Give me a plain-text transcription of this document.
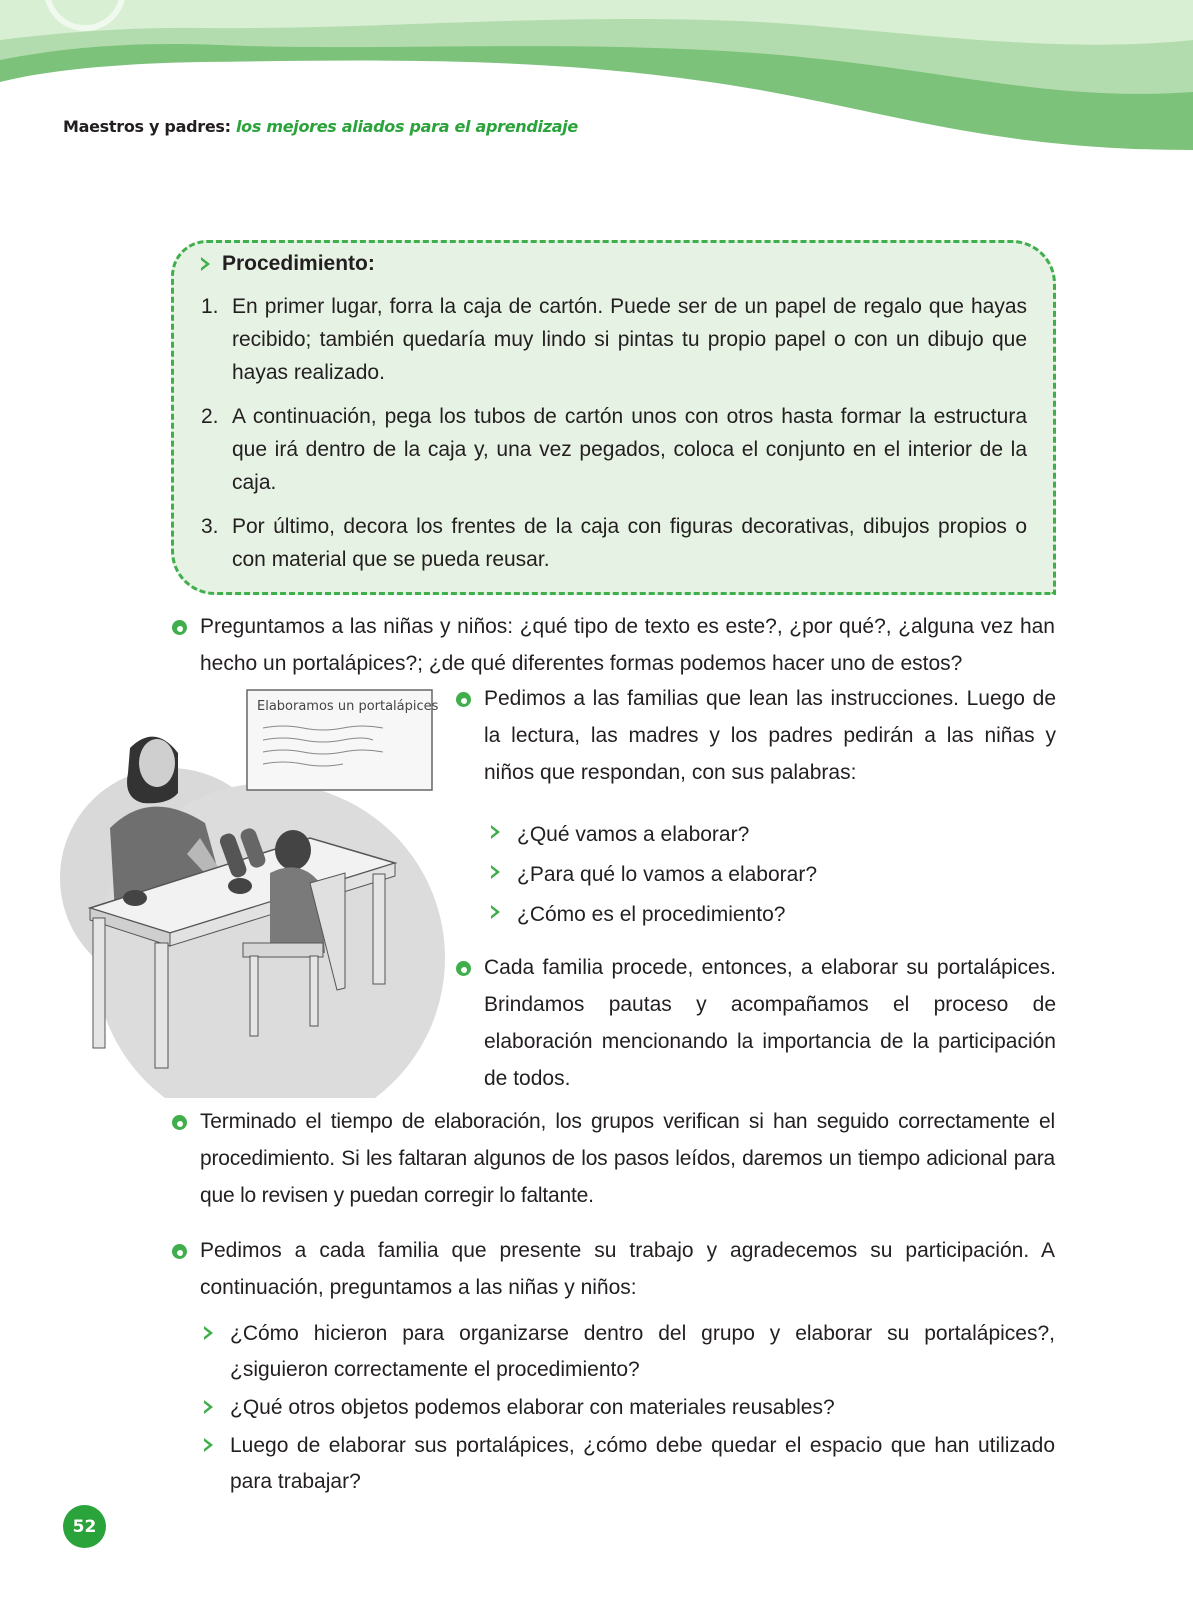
Maestros y padres: los mejores aliados para el aprendizaje
Procedimiento:
1. En primer lugar, forra la caja de cartón. Puede ser de un papel de regalo que hayas recibido; también quedaría muy lindo si pintas tu propio papel o con un dibujo que hayas realizado.
2. A continuación, pega los tubos de cartón unos con otros hasta formar la estructura que irá dentro de la caja y, una vez pegados, coloca el conjunto en el interior de la caja.
3. Por último, decora los frentes de la caja con figuras decorativas, dibujos propios o con material que se pueda reusar.
Preguntamos a las niñas y niños: ¿qué tipo de texto es este?, ¿por qué?, ¿alguna vez han hecho un portalápices?; ¿de qué diferentes formas podemos hacer uno de estos?
Elaboramos un portalápices Pedimos a las familias que lean las instrucciones. Luego de la lectura, las madres y los padres pedirán a las niñas y niños que respondan, con sus palabras:
¿Qué vamos a elaborar?
¿Para qué lo vamos a elaborar?
¿Cómo es el procedimiento?
Cada familia procede, entonces, a elaborar su portalápices. Brindamos pautas y acompañamos el proceso de elaboración mencionando la importancia de la participación de todos.
Terminado el tiempo de elaboración, los grupos verifican si han seguido correctamente el procedimiento. Si les faltaran algunos de los pasos leídos, daremos un tiempo adicional para que lo revisen y puedan corregir lo faltante.
Pedimos a cada familia que presente su trabajo y agradecemos su participación. A continuación, preguntamos a las niñas y niños:
¿Cómo hicieron para organizarse dentro del grupo y elaborar su portalápices?, ¿siguieron correctamente el procedimiento?
¿Qué otros objetos podemos elaborar con materiales reusables?
Luego de elaborar sus portalápices, ¿cómo debe quedar el espacio que han utilizado para trabajar?
52
